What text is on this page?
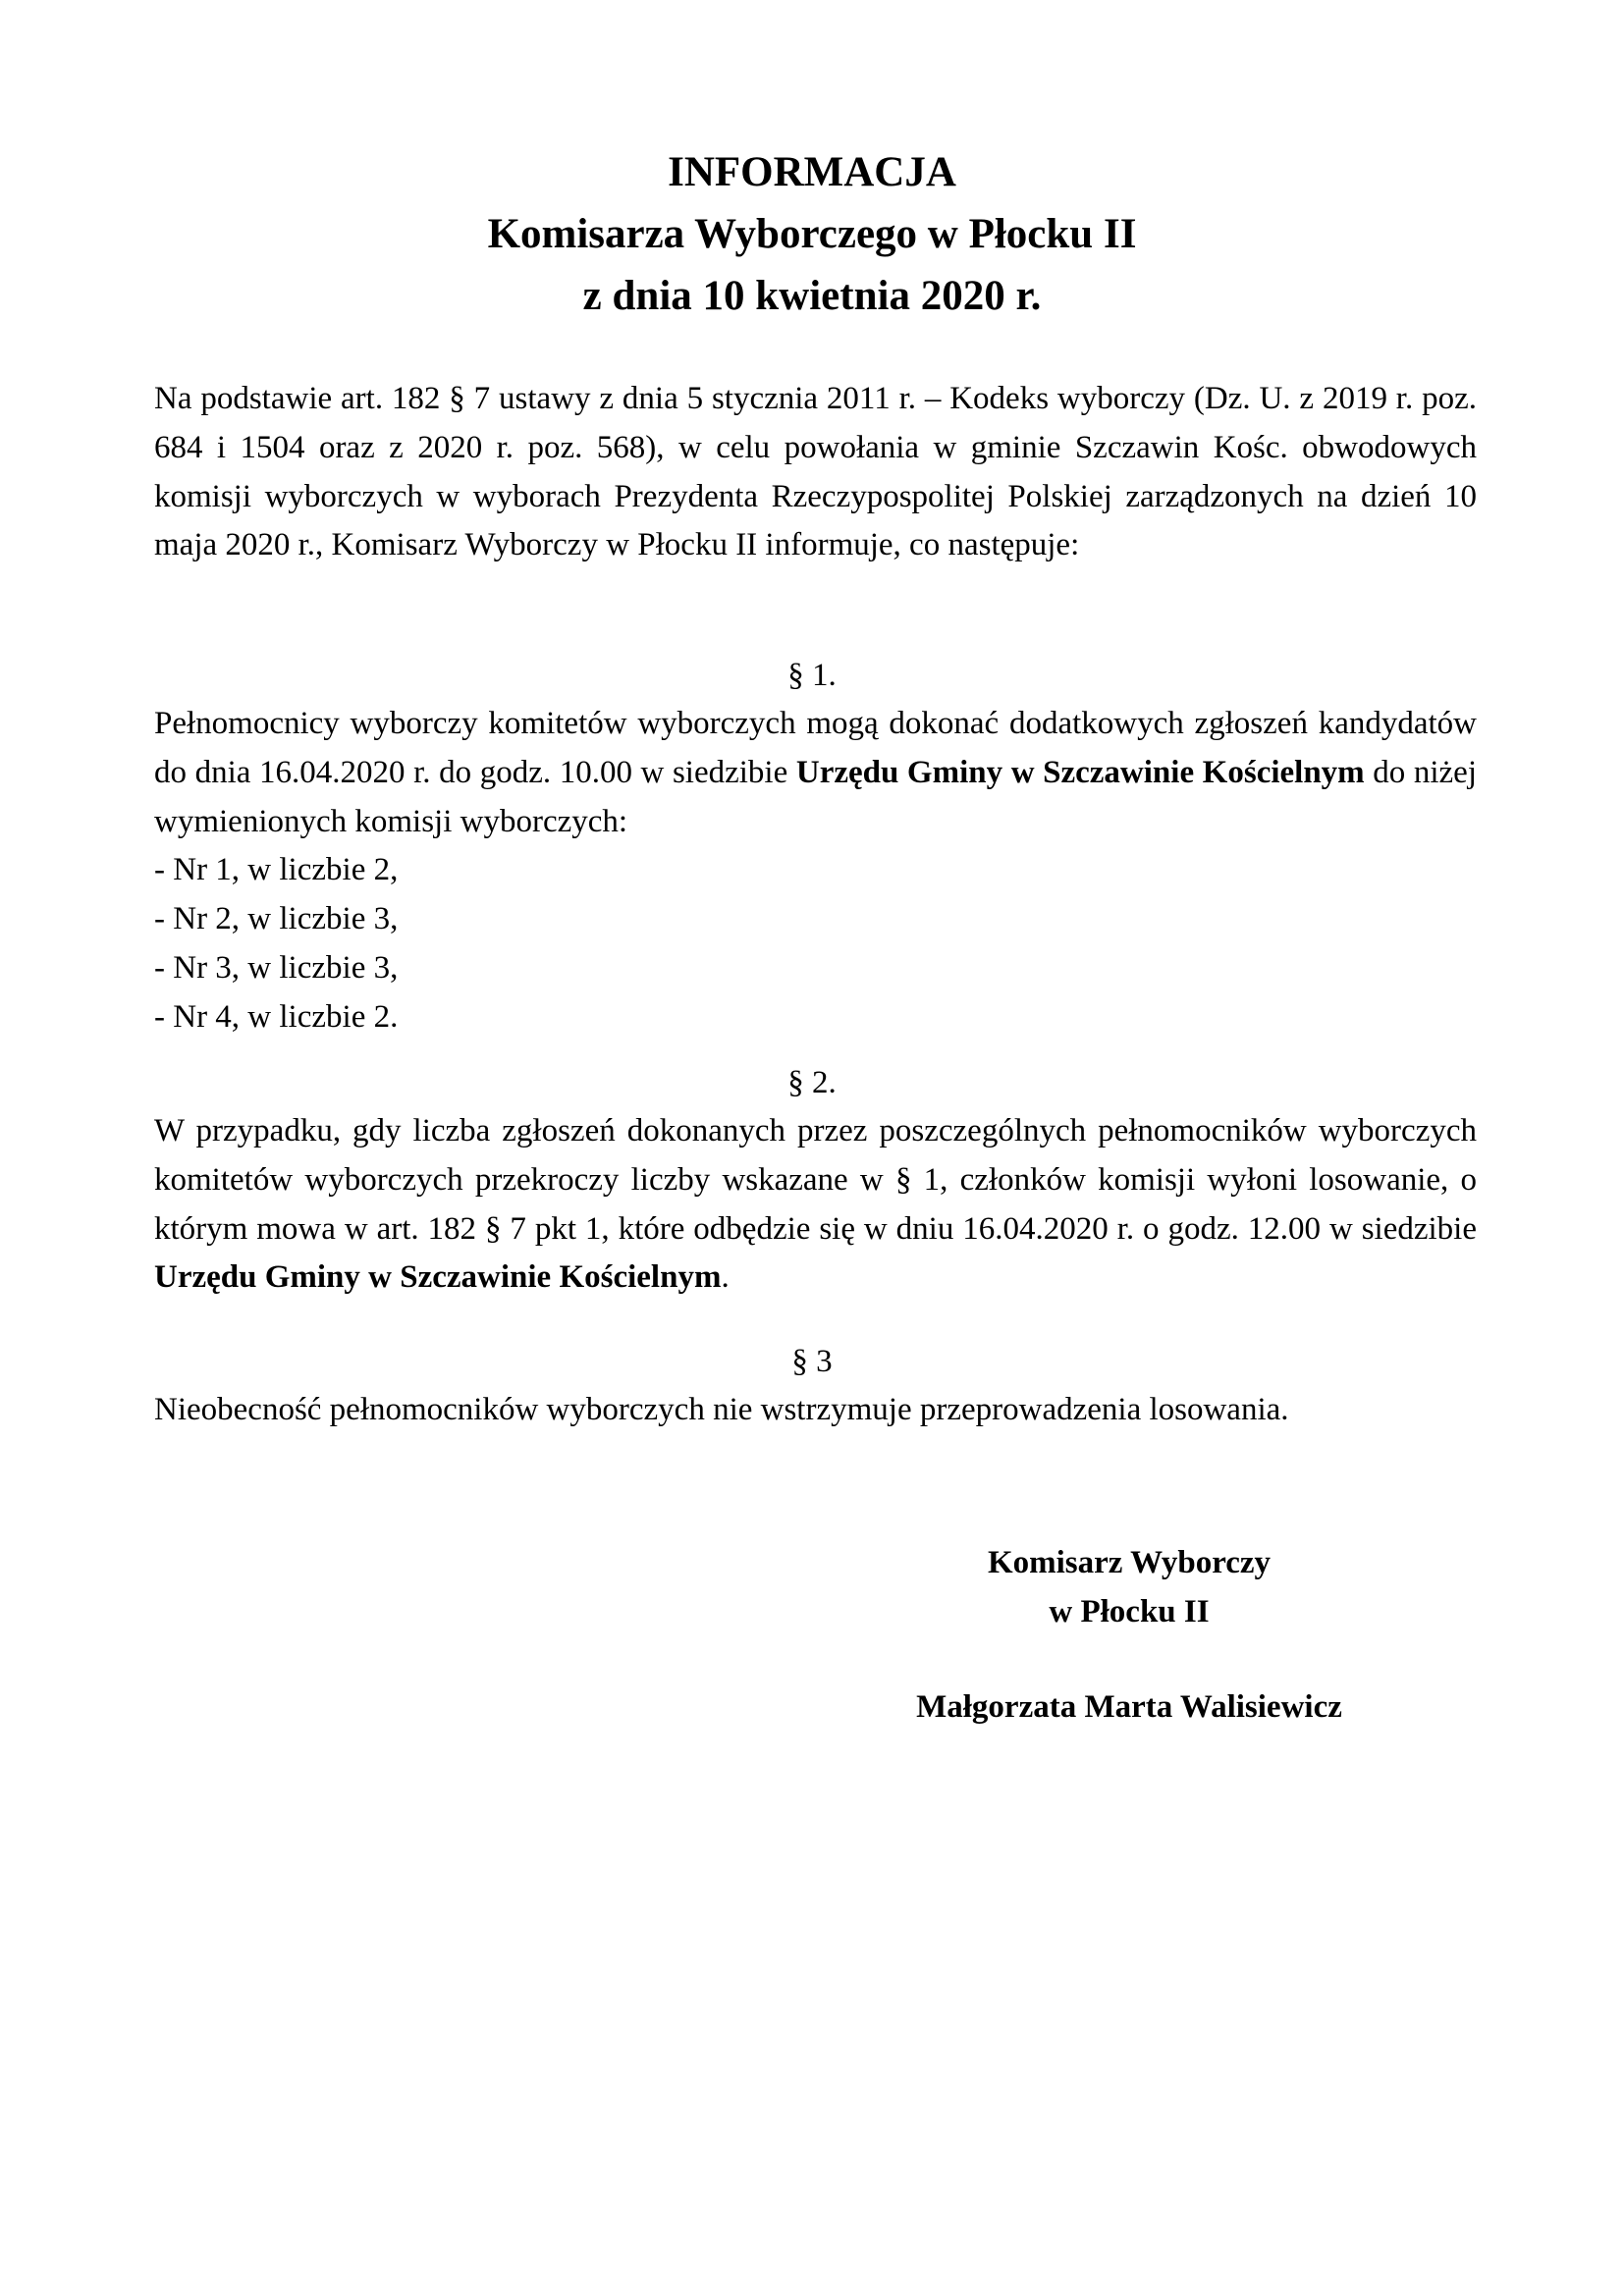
INFORMACJA
Komisarza Wyborczego w Płocku II
z dnia 10 kwietnia 2020 r.

Na podstawie art. 182 § 7 ustawy z dnia 5 stycznia 2011 r. – Kodeks wyborczy (Dz. U. z 2019 r. poz. 684 i 1504 oraz z 2020 r. poz. 568), w celu powołania w gminie Szczawin Kośc. obwodowych komisji wyborczych w wyborach Prezydenta Rzeczypospolitej Polskiej zarządzonych na dzień 10 maja 2020 r., Komisarz Wyborczy w Płocku II informuje, co następuje:

§ 1.

Pełnomocnicy wyborczy komitetów wyborczych mogą dokonać dodatkowych zgłoszeń kandydatów do dnia 16.04.2020 r. do godz. 10.00 w siedzibie Urzędu Gminy w Szczawinie Kościelnym do niżej wymienionych komisji wyborczych:

- Nr 1, w liczbie 2,
- Nr 2, w liczbie 3,
- Nr 3, w liczbie 3,
- Nr 4, w liczbie 2.
§ 2.

W przypadku, gdy liczba zgłoszeń dokonanych przez poszczególnych pełnomocników wyborczych komitetów wyborczych przekroczy liczby wskazane w § 1, członków komisji wyłoni losowanie, o którym mowa w art. 182 § 7 pkt 1, które odbędzie się w dniu 16.04.2020 r. o godz. 12.00 w siedzibie Urzędu Gminy w Szczawinie Kościelnym.

§ 3

Nieobecność pełnomocników wyborczych nie wstrzymuje przeprowadzenia losowania.

Komisarz Wyborczy
w Płocku II
Małgorzata Marta Walisiewicz
